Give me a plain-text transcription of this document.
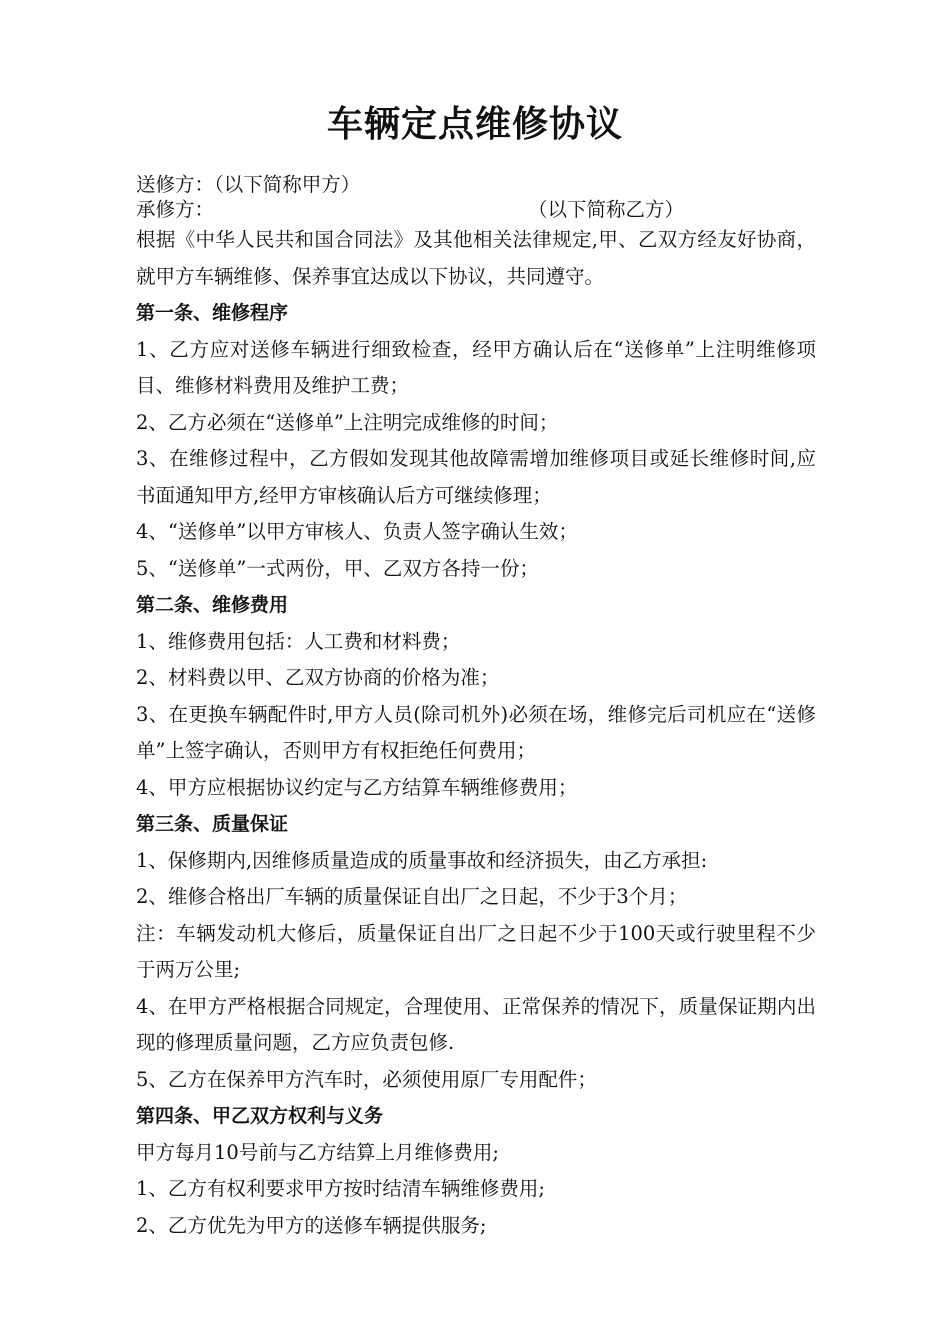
车辆定点维修协议
送修方：（以下简称甲方）
承修方：	（以下简称乙方）

根据《中华人民共和国合同法》及其他相关法律规定,甲、乙双方经友好协商，就甲方车辆维修、保养事宜达成以下协议，共同遵守。

第一条、维修程序

1、乙方应对送修车辆进行细致检查，经甲方确认后在“送修单”上注明维修项目、维修材料费用及维护工费；

2、乙方必须在“送修单”上注明完成维修的时间；

3、在维修过程中，乙方假如发现其他故障需增加维修项目或延长维修时间,应书面通知甲方,经甲方审核确认后方可继续修理；

4、“送修单”以甲方审核人、负责人签字确认生效；

5、“送修单”一式两份，甲、乙双方各持一份；

第二条、维修费用

1、维修费用包括：人工费和材料费；

2、材料费以甲、乙双方协商的价格为准；

3、在更换车辆配件时,甲方人员(除司机外)必须在场，维修完后司机应在“送修单”上签字确认，否则甲方有权拒绝任何费用；

4、甲方应根据协议约定与乙方结算车辆维修费用；

第三条、质量保证

1、保修期内,因维修质量造成的质量事故和经济损失，由乙方承担:

2、维修合格出厂车辆的质量保证自出厂之日起，不少于3个月；

注：车辆发动机大修后，质量保证自出厂之日起不少于100天或行驶里程不少于两万公里;

4、在甲方严格根据合同规定，合理使用、正常保养的情况下，质量保证期内出现的修理质量问题，乙方应负责包修.

5、乙方在保养甲方汽车时，必须使用原厂专用配件；

第四条、甲乙双方权利与义务

甲方每月10号前与乙方结算上月维修费用;

1、乙方有权利要求甲方按时结清车辆维修费用;

2、乙方优先为甲方的送修车辆提供服务;
